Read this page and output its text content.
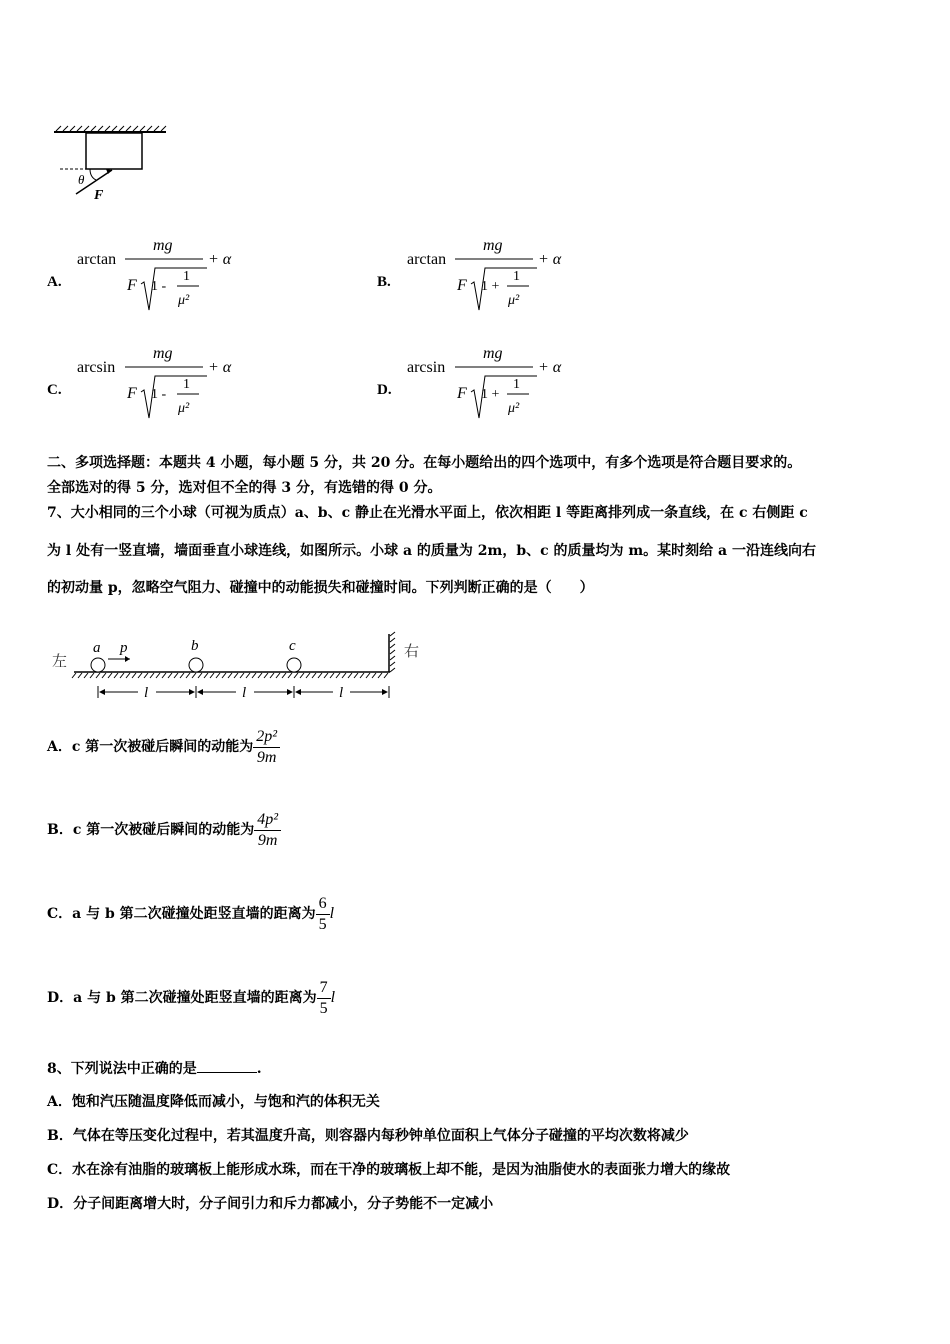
θ
F
A.
arctan
mg
+ α
F 1 -
1
μ²
B.
arctan
mg
+ α
F 1 +
1
μ²
C.
arcsin
mg
+ α
F 1 -
1
μ²
D.
arcsin
mg
+ α
F 1 +
1
μ²
二、多项选择题：本题共 4 小题，每小题 5 分，共 20 分。在每小题给出的四个选项中，有多个选项是符合题目要求的。
全部选对的得 5 分，选对但不全的得 3 分，有选错的得 0 分。
7、大小相同的三个小球（可视为质点）a、b、c 静止在光滑水平面上，依次相距 l 等距离排列成一条直线，在 c 右侧距 c
为 l 处有一竖直墙，墙面垂直小球连线，如图所示。小球 a 的质量为 2m，b、c 的质量均为 m。某时刻给 a 一沿连线向右
的初动量 p，忽略空气阻力、碰撞中的动能损失和碰撞时间。下列判断正确的是（　　）
左
右
a	b	c
p
l	l	l
A． c 第一次被碰后瞬间的动能为 $\frac{\text{2p²}}{9m}$
B． c 第一次被碰后瞬间的动能为 $\frac{\text{4p²}}{9m}$
C． a 与 b 第二次碰撞处距竖直墙的距离为 $\frac{6}{5}$ l
D． a 与 b 第二次碰撞处距竖直墙的距离为 $\frac{7}{5}$ l
8、下列说法中正确的是	.
A．饱和汽压随温度降低而减小，与饱和汽的体积无关
B．气体在等压变化过程中，若其温度升高，则容器内每秒钟单位面积上气体分子碰撞的平均次数将减少
C．水在涂有油脂的玻璃板上能形成水珠，而在干净的玻璃板上却不能，是因为油脂使水的表面张力增大的缘故
D．分子间距离增大时，分子间引力和斥力都减小，分子势能不一定减小
